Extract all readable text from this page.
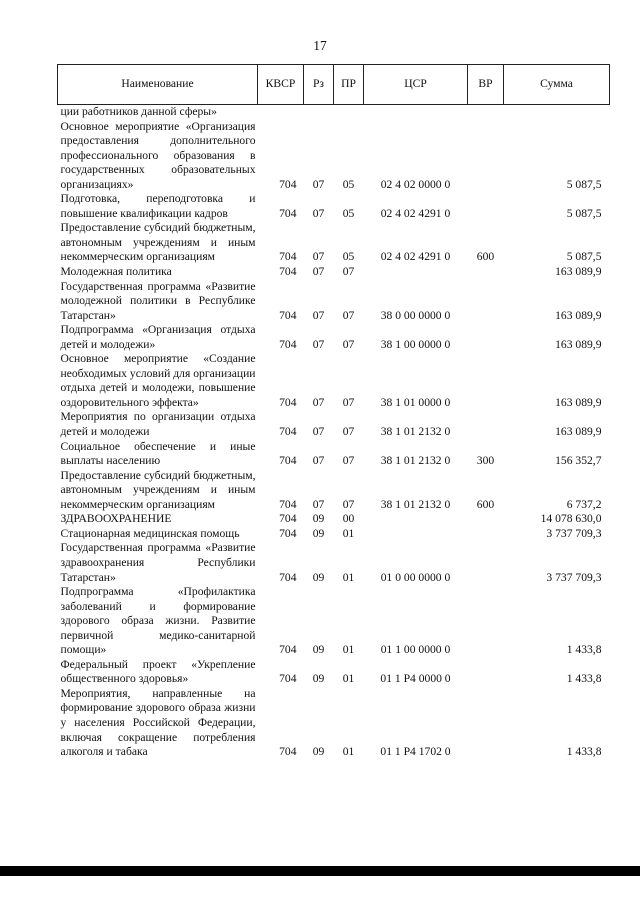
17
Наименование	КВСР	Рз	ПР	ЦСР	ВР	Сумма
ции работников данной сферы»						
Основное мероприятие «Организация предоставления дополнительного профессионального образования в государственных образовательных организациях»	704	07	05	02 4 02 0000 0		5 087,5
Подготовка, переподготовка и повышение квалификации кадров	704	07	05	02 4 02 4291 0		5 087,5
Предоставление субсидий бюджетным, автономным учреждениям и иным некоммерческим организациям	704	07	05	02 4 02 4291 0	600	5 087,5
Молодежная политика	704	07	07			163 089,9
Государственная программа «Развитие молодежной политики в Республике Татарстан»	704	07	07	38 0 00 0000 0		163 089,9
Подпрограмма «Организация отдыха детей и молодежи»	704	07	07	38 1 00 0000 0		163 089,9
Основное мероприятие «Создание необходимых условий для организации отдыха детей и молодежи, повышение оздоровительного эффекта»	704	07	07	38 1 01 0000 0		163 089,9
Мероприятия по организации отдыха детей и молодежи	704	07	07	38 1 01 2132 0		163 089,9
Социальное обеспечение и иные выплаты населению	704	07	07	38 1 01 2132 0	300	156 352,7
Предоставление субсидий бюджетным, автономным учреждениям и иным некоммерческим организациям	704	07	07	38 1 01 2132 0	600	6 737,2
ЗДРАВООХРАНЕНИЕ	704	09	00			14 078 630,0
Стационарная медицинская помощь	704	09	01			3 737 709,3
Государственная программа «Развитие здравоохранения Республики Татарстан»	704	09	01	01 0 00 0000 0		3 737 709,3
Подпрограмма «Профилактика заболеваний и формирование здорового образа жизни. Развитие первичной медико-санитарной помощи»	704	09	01	01 1 00 0000 0		1 433,8
Федеральный проект «Укрепление общественного здоровья»	704	09	01	01 1 P4 0000 0		1 433,8
Мероприятия, направленные на формирование здорового образа жизни у населения Российской Федерации, включая сокращение потребления алкоголя и табака	704	09	01	01 1 P4 1702 0		1 433,8
